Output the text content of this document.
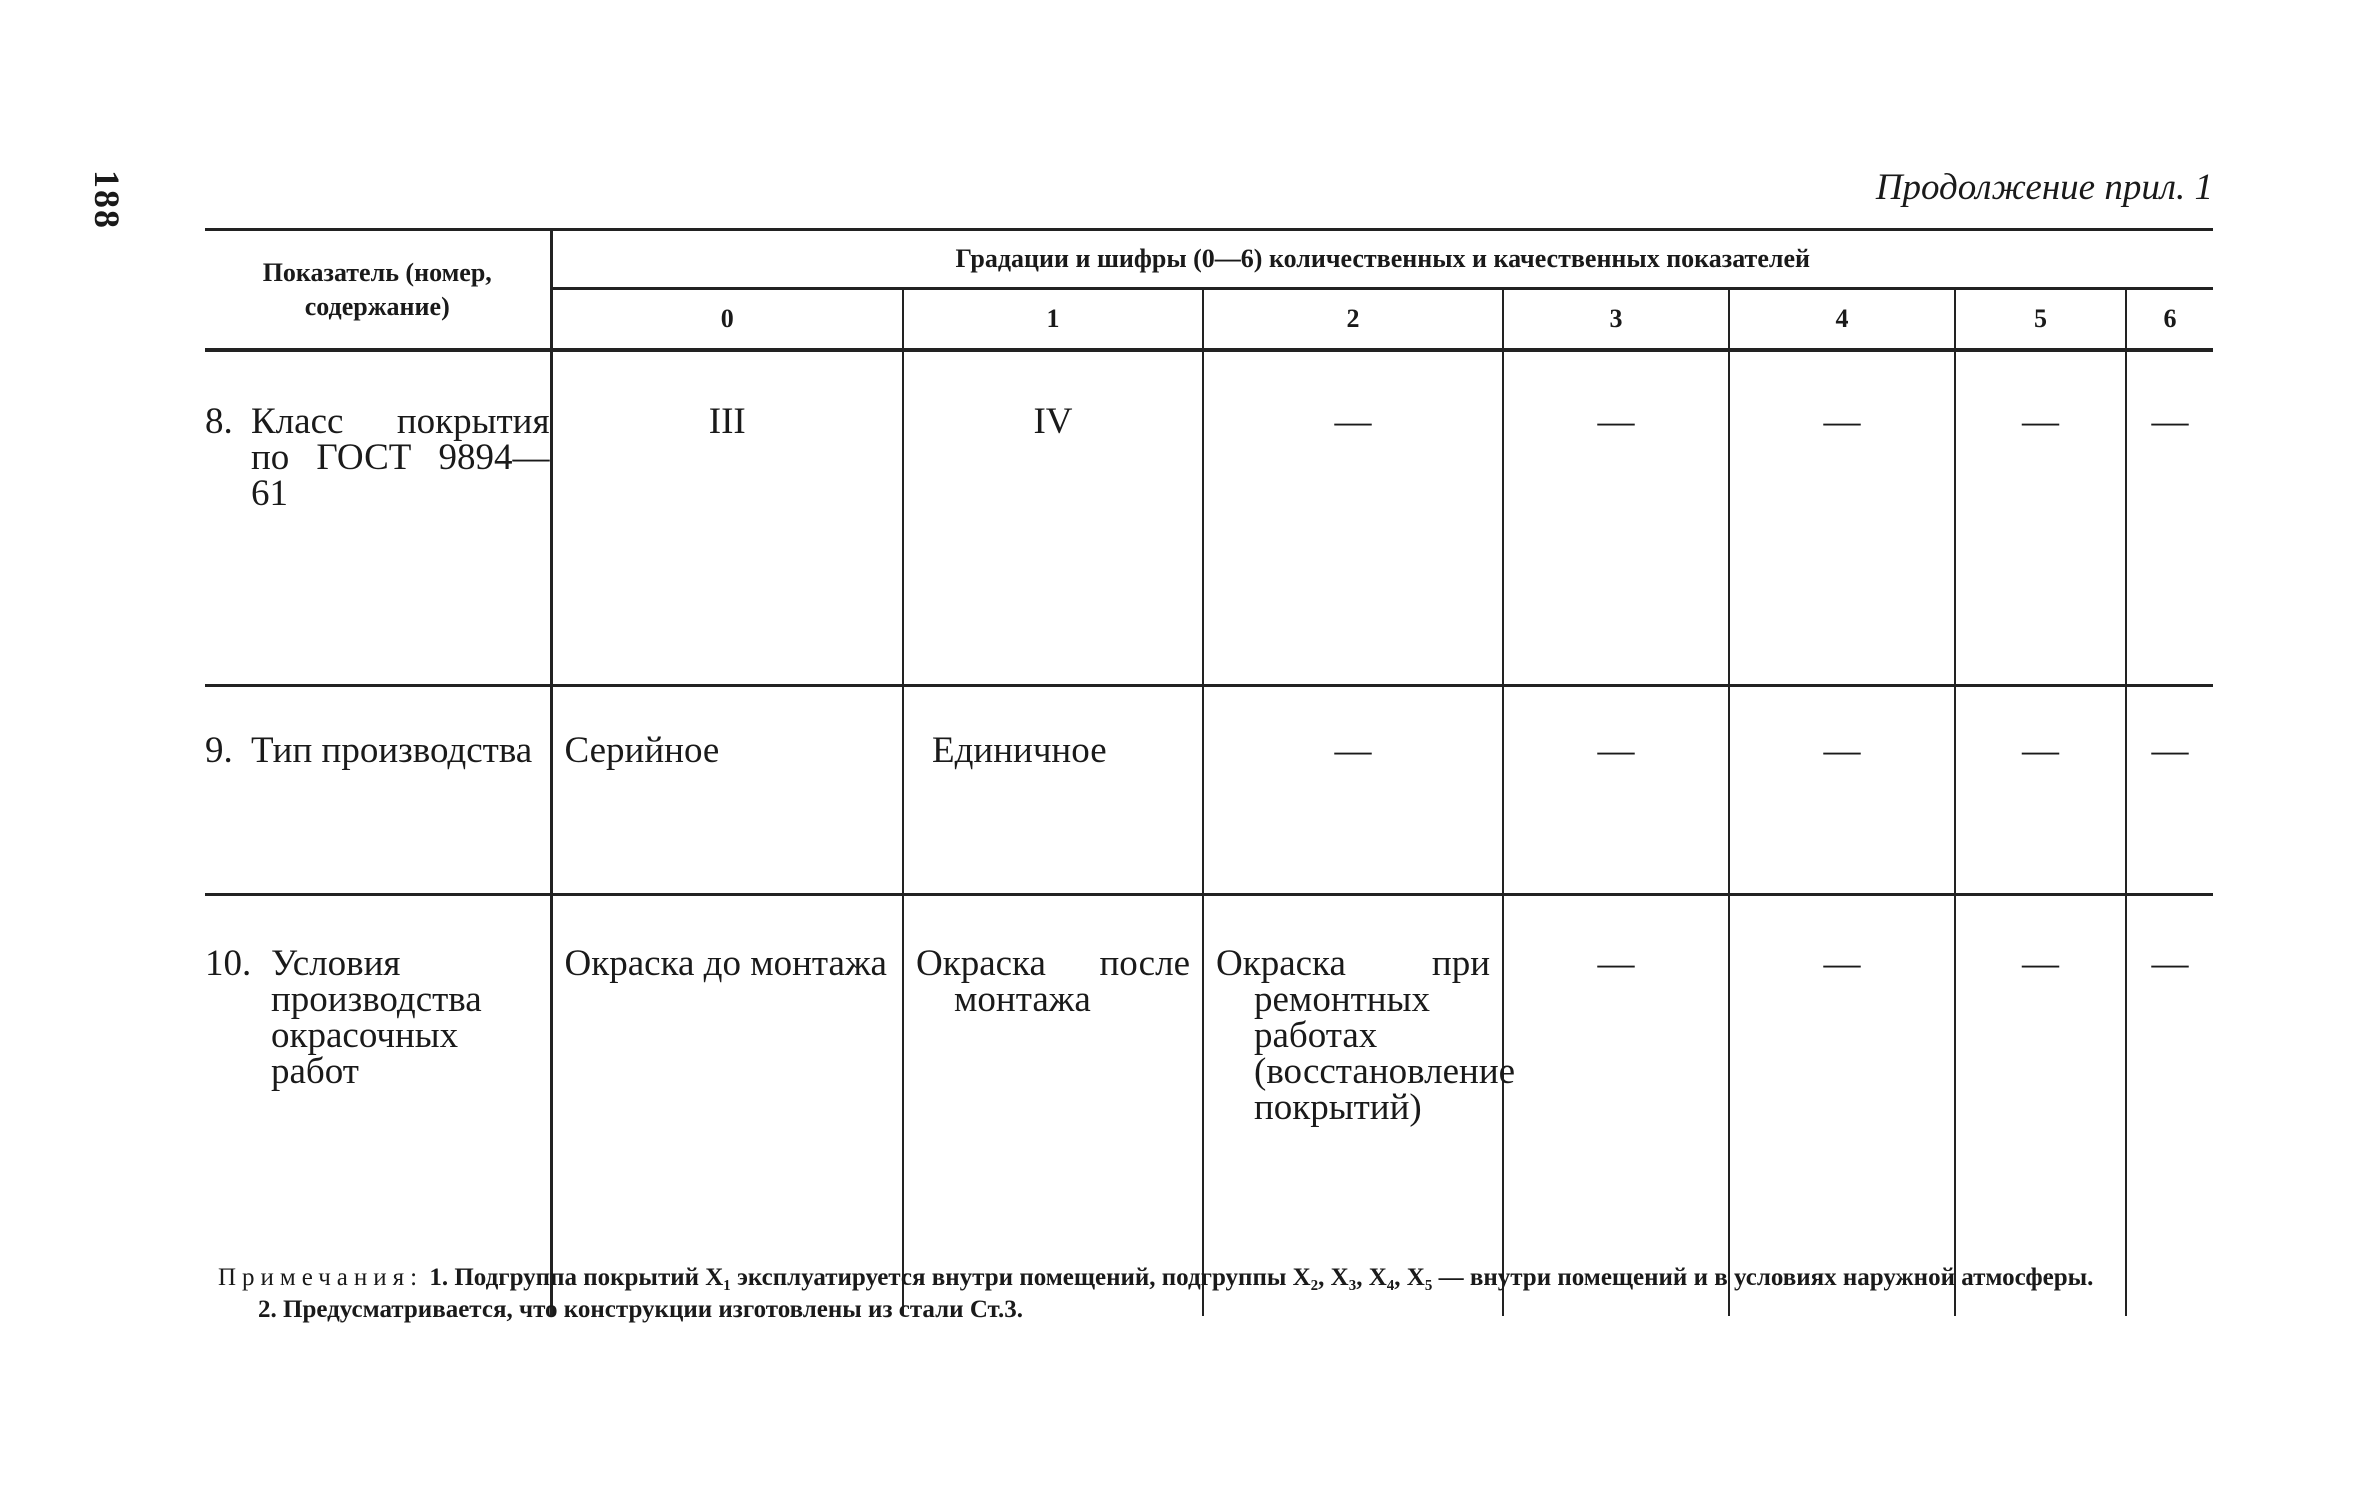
188	Продолжение прил. 1

Показатель (номер, содержание)	Градации и шифры (0—6) количественных и качественных показателей						
	0	1	2	3	4	5	6

8. Класс покрытия по ГОСТ 9894—61	III	IV	—	—	—	—	—

9. Тип производства	Серийное	Единичное	—	—	—	—	—

10. Условия производства окрасочных работ	Окраска до монтажа	Окраска после монтажа	Окраска при ремонтных работах (восстановление покрытий)	—	—	—	—
Примечания: 1. Подгруппа покрытий X₁ эксплуатируется внутри помещений, подгруппы X₂, X₃, X₄, X₅ — внутри помещений и в условиях наружной атмосферы.
2. Предусматривается, что конструкции изготовлены из стали Ст.3.
